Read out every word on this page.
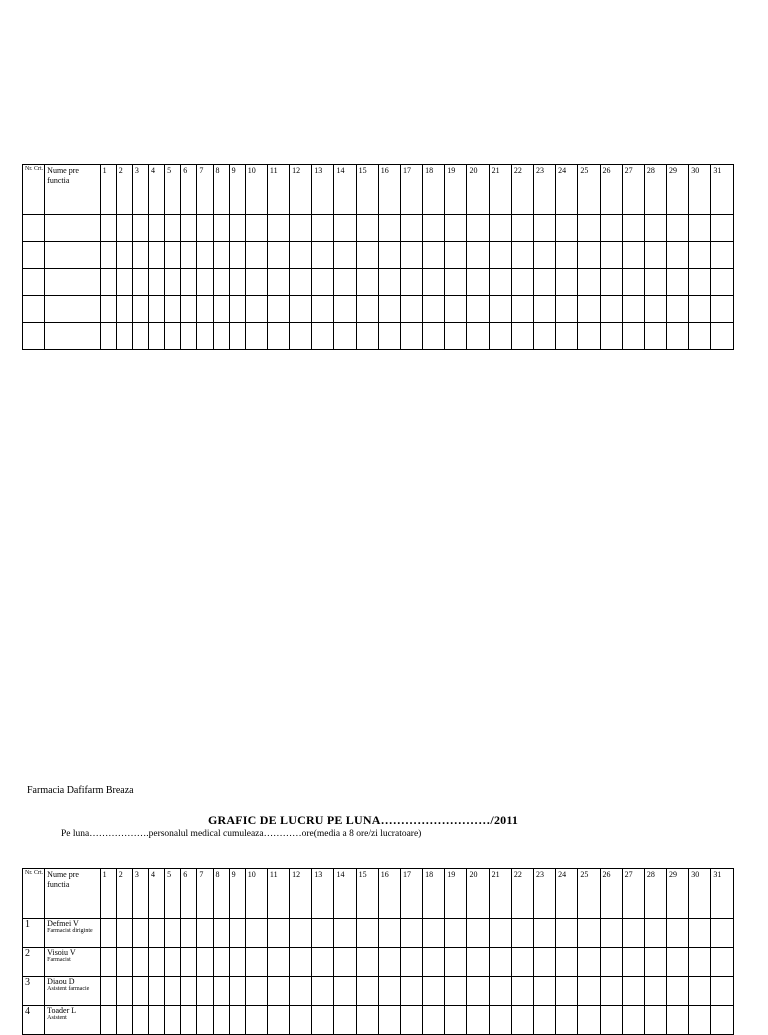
Nr. Crt.	Nume pre functia	1	2	3	4	5	6	7	8	9	10	11	12	13	14	15	16	17	18	19	20	21	22	23	24	25	26	27	28	29	30	31

Farmacia Dafifarm Breaza
GRAFIC DE LUCRU PE LUNA………………………/2011
Pe luna……………….personalul medical cumuleaza…………ore(media a 8 ore/zi lucratoare)
Nr. Crt.	Nume pre functia	1	2	3	4	5	6	7	8	9	10	11	12	13	14	15	16	17	18	19	20	21	22	23	24	25	26	27	28	29	30	31
1	Defmei V
Farmacist diriginte																															

2	Visoiu V
Farmacist																															

3	Diaou D
Asistent farmacie																															

4	Toader L
Asistent																															
